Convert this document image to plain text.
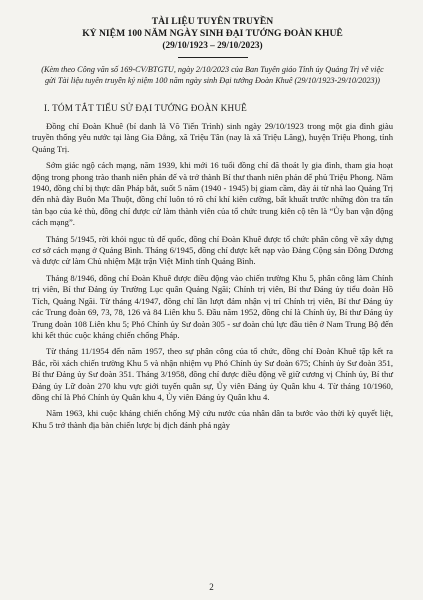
TÀI LIỆU TUYÊN TRUYỀN

KỶ NIỆM 100 NĂM NGÀY SINH ĐẠI TƯỚNG ĐOÀN KHUÊ

(29/10/1923 – 29/10/2023)

(Kèm theo Công văn số 169-CV/BTGTU, ngày 2/10/2023 của Ban Tuyên giáo Tỉnh ủy Quảng Trị về việc gửi Tài liệu tuyên truyền kỷ niệm 100 năm ngày sinh Đại tướng Đoàn Khuê (29/10/1923-29/10/2023))

I. TÓM TẮT TIỂU SỬ ĐẠI TƯỚNG ĐOÀN KHUÊ

Đồng chí Đoàn Khuê (bí danh là Võ Tiến Trình) sinh ngày 29/10/1923 trong một gia đình giàu truyền thống yêu nước tại làng Gia Đẳng, xã Triệu Tân (nay là xã Triệu Lăng), huyện Triệu Phong, tỉnh Quảng Trị.

Sớm giác ngộ cách mạng, năm 1939, khi mới 16 tuổi đồng chí đã thoát ly gia đình, tham gia hoạt động trong phong trào thanh niên phản đế và trở thành Bí thư thanh niên phản đế phủ Triệu Phong. Năm 1940, đồng chí bị thực dân Pháp bắt, suốt 5 năm (1940 - 1945) bị giam cầm, đày ải từ nhà lao Quảng Trị đến nhà đày Buôn Ma Thuột, đồng chí luôn tỏ rõ chí khí kiên cường, bất khuất trước những đòn tra tấn tàn bạo của kẻ thù, đồng chí được cử làm thành viên của tổ chức trung kiên cộ tên là “Ủy ban vận động cách mạng”.

Tháng 5/1945, rời khỏi ngục tù đế quốc, đồng chí Đoàn Khuê được tổ chức phân công về xây dựng cơ sở cách mạng ở Quảng Bình. Tháng 6/1945, đồng chí được kết nạp vào Đảng Cộng sản Đông Dương và được cử làm Chủ nhiệm Mặt trận Việt Minh tỉnh Quảng Bình.

Tháng 8/1946, đồng chí Đoàn Khuê được điều động vào chiến trường Khu 5, phân công làm Chính trị viên, Bí thư Đảng ủy Trường Lục quân Quảng Ngãi; Chính trị viên, Bí thư Đảng ủy tiểu đoàn Hồ Tích, Quảng Ngãi. Từ tháng 4/1947, đồng chí lần lượt đảm nhận vị trí Chính trị viên, Bí thư Đảng ủy các Trung đoàn 69, 73, 78, 126 và 84 Liên khu 5. Đầu năm 1952, đồng chí là Chính ủy, Bí thư Đảng ủy Trung đoàn 108 Liên khu 5; Phó Chính ủy Sư đoàn 305 - sư đoàn chủ lực đầu tiên ở Nam Trung Bộ đến khi kết thúc cuộc kháng chiến chống Pháp.

Từ tháng 11/1954 đến năm 1957, theo sự phân công của tổ chức, đồng chí Đoàn Khuê tập kết ra Bắc, rồi xách chiến trường Khu 5 và nhận nhiệm vụ Phó Chính ủy Sư đoàn 675; Chính ủy Sư đoàn 351, Bí thư Đảng ủy Sư đoàn 351. Tháng 3/1958, đồng chí được điều động về giữ cương vị Chính ủy, Bí thư Đảng ủy Lữ đoàn 270 khu vực giới tuyến quân sự, Ủy viên Đảng ủy Quân khu 4. Từ tháng 10/1960, đồng chí là Phó Chính ủy Quân khu 4, Ủy viên Đảng ủy Quân khu 4.

Năm 1963, khi cuộc kháng chiến chống Mỹ cứu nước của nhân dân ta bước vào thời kỳ quyết liệt, Khu 5 trở thành địa bàn chiến lược bị địch đánh phá ngày

2
